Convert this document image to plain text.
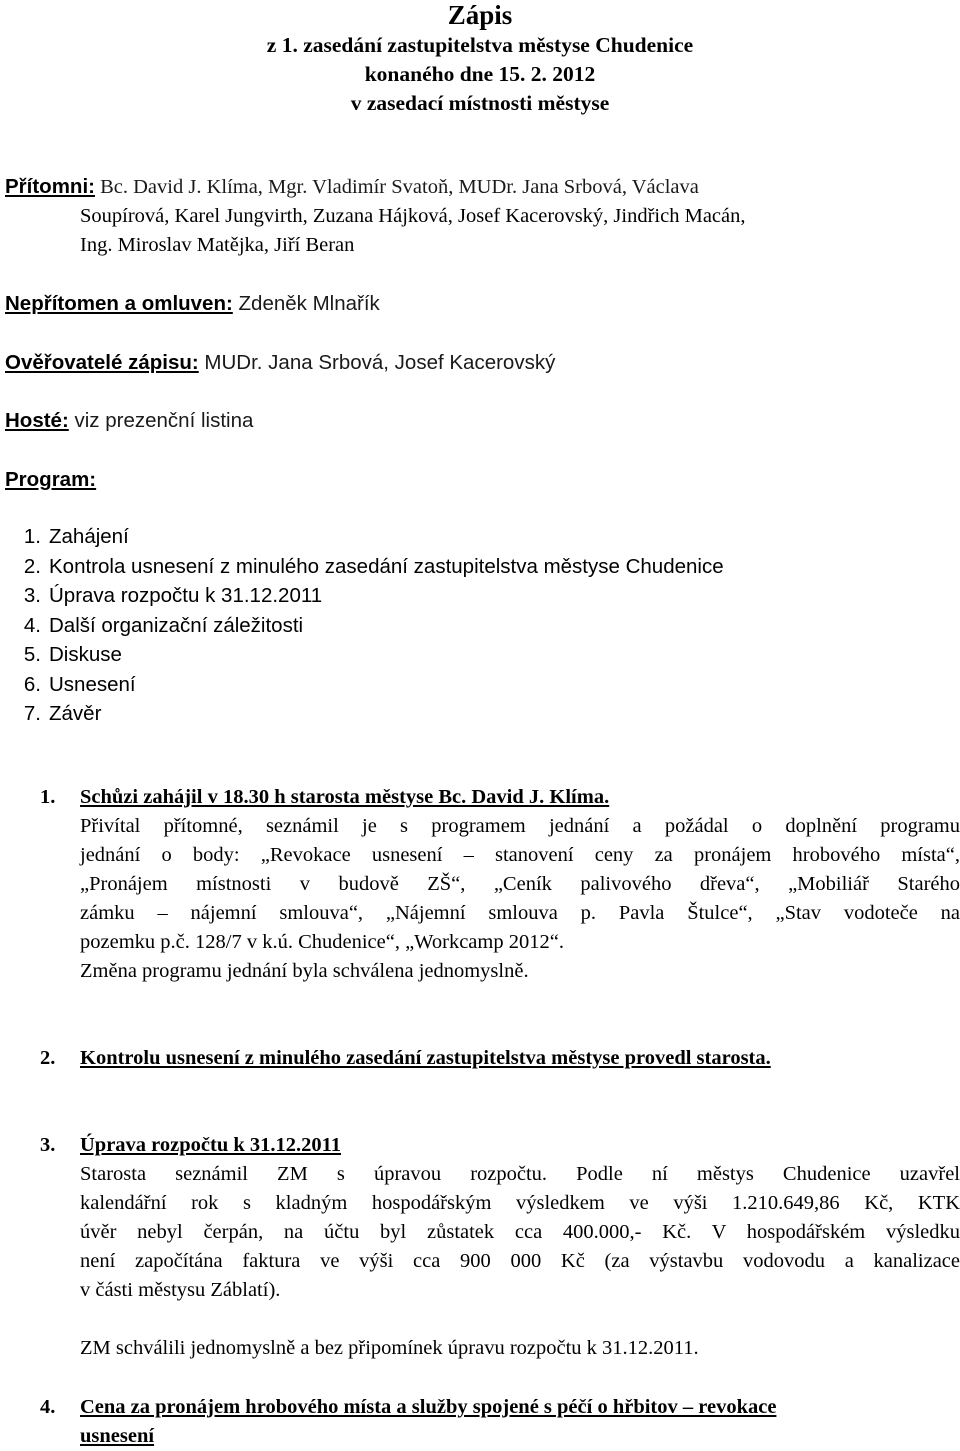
Zápis
z 1. zasedání zastupitelstva městyse Chudenice
konaného dne 15. 2. 2012
v zasedací místnosti městyse
Přítomni: Bc. David J. Klíma, Mgr. Vladimír Svatoň, MUDr. Jana Srbová, Václava
Soupírová, Karel Jungvirth, Zuzana Hájková, Josef Kacerovský, Jindřich Macán,
Ing. Miroslav Matějka, Jiří Beran
Nepřítomen a omluven: Zdeněk Mlnařík
Ověřovatelé zápisu: MUDr. Jana Srbová, Josef Kacerovský
Hosté: viz prezenční listina
Program:
1. Zahájení
2. Kontrola usnesení z minulého zasedání zastupitelstva městyse Chudenice
3. Úprava rozpočtu k 31.12.2011
4. Další organizační záležitosti
5. Diskuse
6. Usnesení
7. Závěr
1.	Schůzi zahájil v 18.30 h starosta městyse Bc. David J. Klíma.

Přivítal přítomné, seznámil je s programem jednání a požádal o doplnění programu

jednání o body: „Revokace usnesení – stanovení ceny za pronájem hrobového místa“,

„Pronájem místnosti v budově ZŠ“, „Ceník palivového dřeva“, „Mobiliář Starého

zámku – nájemní smlouva“, „Nájemní smlouva p. Pavla Štulce“, „Stav vodoteče na

pozemku p.č. 128/7 v k.ú. Chudenice“, „Workcamp 2012“.

Změna programu jednání byla schválena jednomyslně.

2.	Kontrolu usnesení z minulého zasedání zastupitelstva městyse provedl starosta.
3.	Úprava rozpočtu k 31.12.2011

Starosta seznámil ZM s úpravou rozpočtu. Podle ní městys Chudenice uzavřel

kalendářní rok s kladným hospodářským výsledkem ve výši 1.210.649,86 Kč, KTK

úvěr nebyl čerpán, na účtu byl zůstatek cca 400.000,- Kč. V hospodářském výsledku

není započítána faktura ve výši cca 900 000 Kč (za výstavbu vodovodu a kanalizace

v části městysu Záblatí).

ZM schválili jednomyslně a bez připomínek úpravu rozpočtu k 31.12.2011.

4.	Cena za pronájem hrobového místa a služby spojené s péčí o hřbitov – revokace
usnesení
